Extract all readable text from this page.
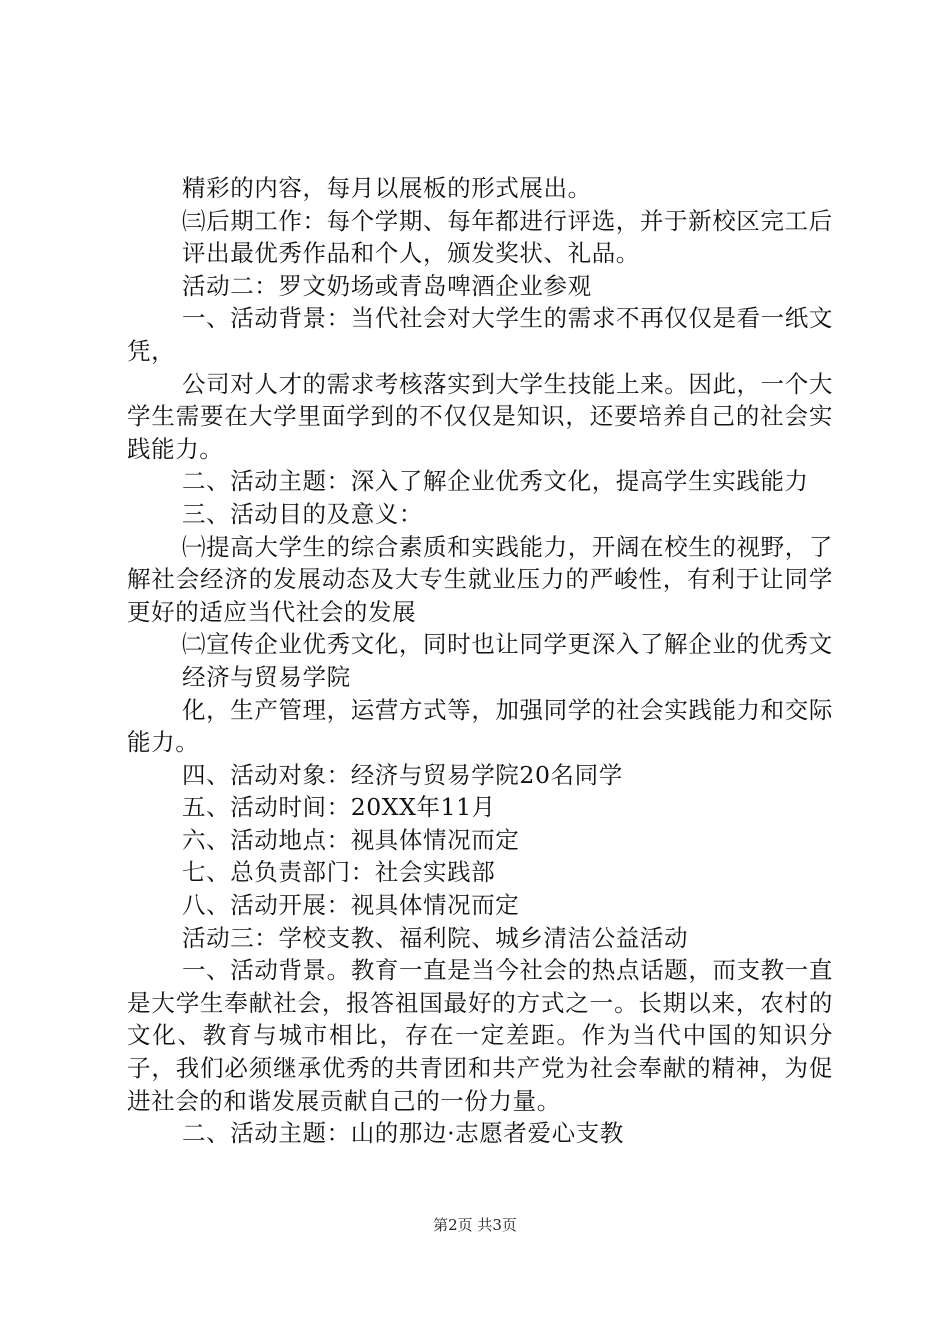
精彩的内容，每月以展板的形式展出。

㈢后期工作：每个学期、每年都进行评选，并于新校区完工后

评出最优秀作品和个人，颁发奖状、礼品。

活动二：罗文奶场或青岛啤酒企业参观

一、活动背景：当代社会对大学生的需求不再仅仅是看一纸文凭，

公司对人才的需求考核落实到大学生技能上来。因此，一个大学生需要在大学里面学到的不仅仅是知识，还要培养自己的社会实践能力。

二、活动主题：深入了解企业优秀文化，提高学生实践能力

三、活动目的及意义：

㈠提高大学生的综合素质和实践能力，开阔在校生的视野，了解社会经济的发展动态及大专生就业压力的严峻性，有利于让同学更好的适应当代社会的发展

㈡宣传企业优秀文化，同时也让同学更深入了解企业的优秀文

经济与贸易学院

化，生产管理，运营方式等，加强同学的社会实践能力和交际能力。

四、活动对象：经济与贸易学院20名同学

五、活动时间：20XX年11月

六、活动地点：视具体情况而定

七、总负责部门：社会实践部

八、活动开展：视具体情况而定

活动三：学校支教、福利院、城乡清洁公益活动

一、活动背景。教育一直是当今社会的热点话题，而支教一直是大学生奉献社会，报答祖国最好的方式之一。长期以来，农村的文化、教育与城市相比，存在一定差距。作为当代中国的知识分子，我们必须继承优秀的共青团和共产党为社会奉献的精神，为促进社会的和谐发展贡献自己的一份力量。

二、活动主题：山的那边·志愿者爱心支教

第2页 共3页
